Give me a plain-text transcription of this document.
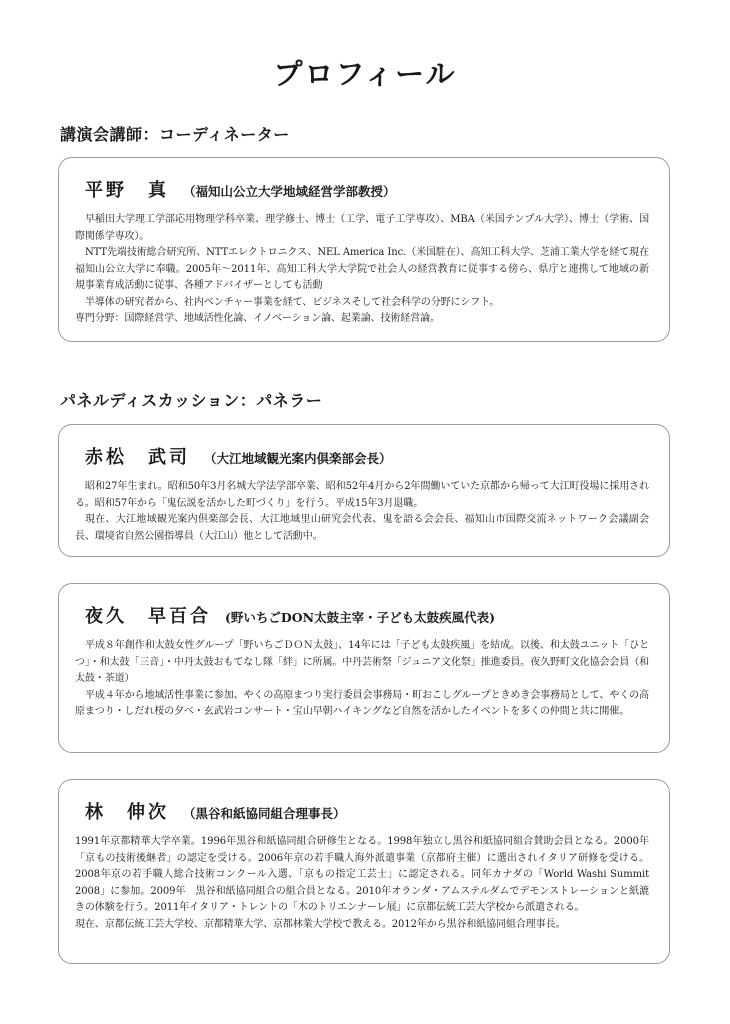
プロフィール
講演会講師：コーディネーター
平野　真 （福知山公立大学地域経営学部教授）

早稲田大学理工学部応用物理学科卒業、理学修士、博士（工学、電子工学専攻）、MBA（米国テンプル大学）、博士（学術、国際関係学専攻）。

NTT先端技術総合研究所、NTTエレクトロニクス、NEL America Inc.（米国駐在）、高知工科大学、芝浦工業大学を経て現在福知山公立大学に奉職。2005年～2011年、高知工科大学大学院で社会人の経営教育に従事する傍ら、県庁と連携して地域の新規事業育成活動に従事、各種アドバイザーとしても活動

半導体の研究者から、社内ベンチャー事業を経て、ビジネスそして社会科学の分野にシフト。

専門分野：国際経営学、地域活性化論、イノベーション論、起業論、技術経営論。

パネルディスカッション：パネラー
赤松　武司 （大江地域観光案内倶楽部会長）

昭和27年生まれ。昭和50年3月名城大学法学部卒業、昭和52年4月から2年間働いていた京都から帰って大江町役場に採用される。昭和57年から「鬼伝説を活かした町づくり」を行う。平成15年3月退職。

現在、大江地域観光案内倶楽部会長、大江地域里山研究会代表、鬼を語る会会長、福知山市国際交流ネットワーク会議副会長、環境省自然公園指導員（大江山）他として活動中。

夜久　早百合 (野いちごDON太鼓主宰・子ども太鼓疾風代表)

平成８年創作和太鼓女性グループ「野いちごＤＯＮ太鼓」、14年には「子ども太鼓疾風」を結成。以後、和太鼓ユニット「ひとつ」・和太鼓「三音」・中丹太鼓おもてなし隊「絆」に所属。中丹芸術祭「ジュニア文化祭」推進委員。夜久野町文化協会会員（和太鼓・茶道）

平成４年から地域活性事業に参加、やくの高原まつり実行委員会事務局・町おこしグループときめき会事務局として、やくの高原まつり・しだれ桜の夕べ・玄武岩コンサート・宝山早朝ハイキングなど自然を活かしたイベントを多くの仲間と共に開催。

林　伸次 （黒谷和紙協同組合理事長）

1991年京都精華大学卒業。1996年黒谷和紙協同組合研修生となる。1998年独立し黒谷和紙協同組合賛助会員となる。2000年「京もの技術後継者」の認定を受ける。2006年京の若手職人海外派遣事業（京都府主催）に選出されイタリア研修を受ける。2008年京の若手職人総合技術コンクール入選、「京もの指定工芸士」に認定される。同年カナダの「World Washi Summit 2008」に参加。2009年　黒谷和紙協同組合の組合員となる。2010年オランダ・アムステルダムでデモンストレーションと紙漉きの体験を行う。2011年イタリア・トレントの「木のトリエンナーレ展」に京都伝統工芸大学校から派遣される。

現在、京都伝統工芸大学校、京都精華大学、京都林業大学校で教える。2012年から黒谷和紙協同組合理事長。
